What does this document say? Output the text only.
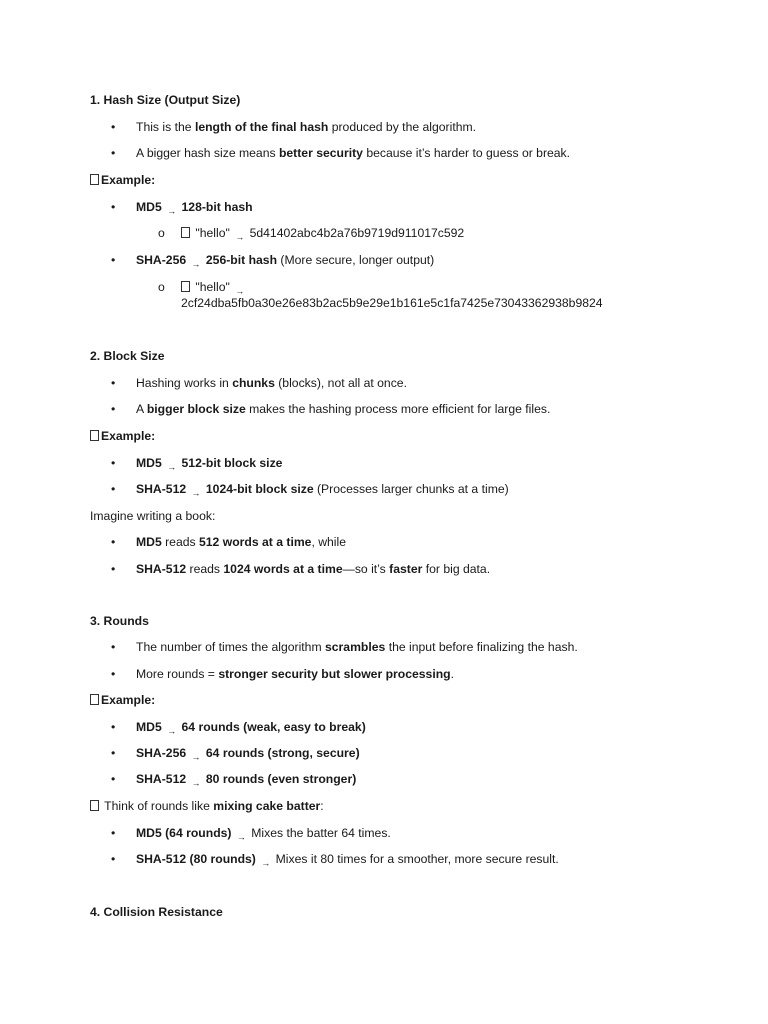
1. Hash Size (Output Size)
• This is the length of the final hash produced by the algorithm.
• A bigger hash size means better security because it’s harder to guess or break.
Example:
• MD5 → 128-bit hash
o	"hello" → 5d41402abc4b2a76b9719d911017c592
• SHA-256 → 256-bit hash (More secure, longer output)
o	"hello" →
2cf24dba5fb0a30e26e83b2ac5b9e29e1b161e5c1fa7425e73043362938b9824
2. Block Size
• Hashing works in chunks (blocks), not all at once.
• A bigger block size makes the hashing process more efficient for large files.
Example:
• MD5 → 512-bit block size
• SHA-512 → 1024-bit block size (Processes larger chunks at a time)
Imagine writing a book:
• MD5 reads 512 words at a time, while
• SHA-512 reads 1024 words at a time—so it’s faster for big data.
3. Rounds
• The number of times the algorithm scrambles the input before finalizing the hash.
• More rounds = stronger security but slower processing.
Example:
• MD5 → 64 rounds (weak, easy to break)
• SHA-256 → 64 rounds (strong, secure)
• SHA-512 → 80 rounds (even stronger)
Think of rounds like mixing cake batter:
• MD5 (64 rounds) → Mixes the batter 64 times.
• SHA-512 (80 rounds) → Mixes it 80 times for a smoother, more secure result.
4. Collision Resistance
